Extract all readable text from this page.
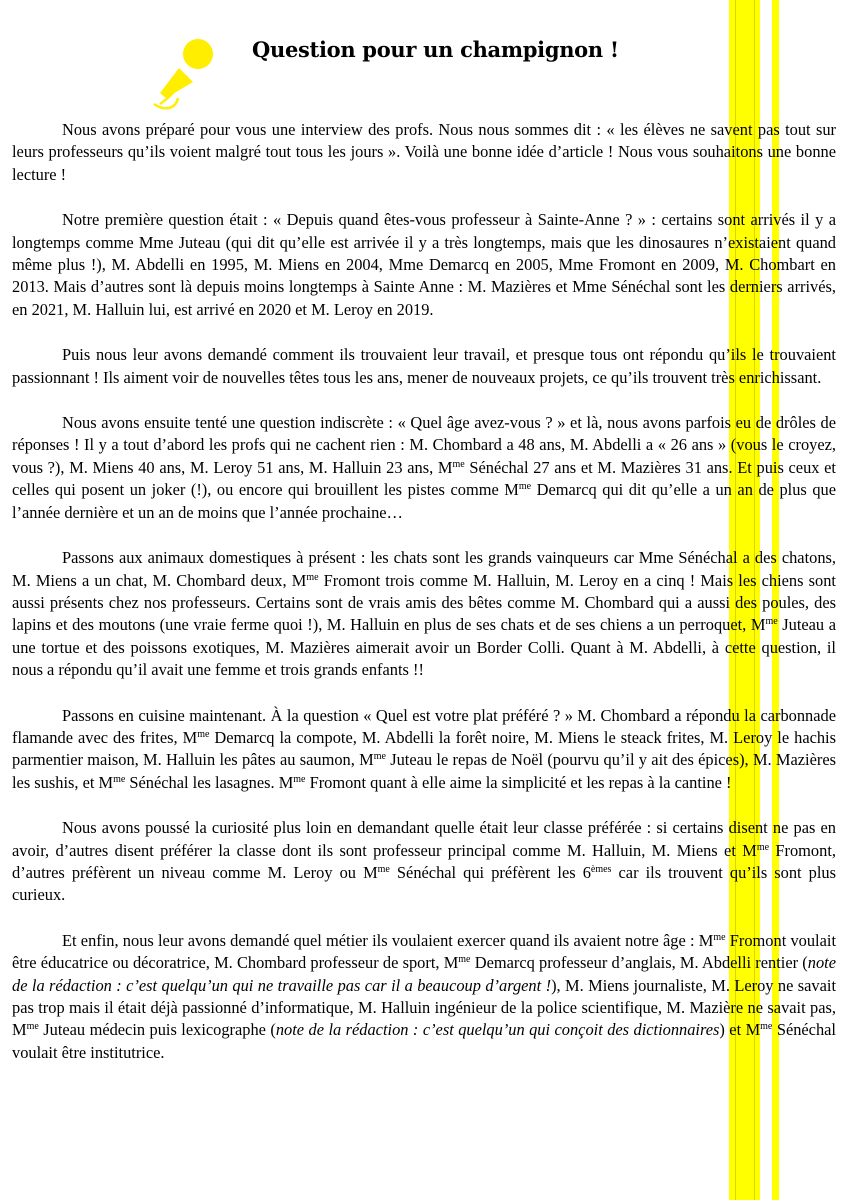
Question pour un champignon !

Nous avons préparé pour vous une interview des profs. Nous nous sommes dit : « les élèves ne savent pas tout sur leurs professeurs qu’ils voient malgré tout tous les jours ». Voilà une bonne idée d’article ! Nous vous souhaitons une bonne lecture !

Notre première question était : « Depuis quand êtes-vous professeur à Sainte-Anne ? » : certains sont arrivés il y a longtemps comme Mme Juteau (qui dit qu’elle est arrivée il y a très longtemps, mais que les dinosaures n’existaient quand même plus !), M. Abdelli en 1995, M. Miens en 2004, Mme Demarcq en 2005, Mme Fromont en 2009, M. Chombart en 2013. Mais d’autres sont là depuis moins longtemps à Sainte Anne : M. Mazières et Mme Sénéchal sont les derniers arrivés, en 2021, M. Halluin lui, est arrivé en 2020 et M. Leroy en 2019.

Puis nous leur avons demandé comment ils trouvaient leur travail, et presque tous ont répondu qu’ils le trouvaient passionnant ! Ils aiment voir de nouvelles têtes tous les ans, mener de nouveaux projets, ce qu’ils trouvent très enrichissant.

Nous avons ensuite tenté une question indiscrète : « Quel âge avez-vous ? » et là, nous avons parfois eu de drôles de réponses ! Il y a tout d’abord les profs qui ne cachent rien : M. Chombard a 48 ans, M. Abdelli a « 26 ans » (vous le croyez, vous ?), M. Miens 40 ans, M. Leroy 51 ans, M. Halluin 23 ans, $M^{me}$ Sénéchal 27 ans et M. Mazières 31 ans. Et puis ceux et celles qui posent un joker (!), ou encore qui brouillent les pistes comme $M^{me}$ Demarcq qui dit qu’elle a un an de plus que l’année dernière et un an de moins que l’année prochaine…

Passons aux animaux domestiques à présent : les chats sont les grands vainqueurs car Mme Sénéchal a des chatons, M. Miens a un chat, M. Chombard deux, $M^{me}$ Fromont trois comme M. Halluin, M. Leroy en a cinq ! Mais les chiens sont aussi présents chez nos professeurs. Certains sont de vrais amis des bêtes comme M. Chombard qui a aussi des poules, des lapins et des moutons (une vraie ferme quoi !), M. Halluin en plus de ses chats et de ses chiens a un perroquet, $M^{me}$ Juteau a une tortue et des poissons exotiques, M. Mazières aimerait avoir un Border Colli. Quant à M. Abdelli, à cette question, il nous a répondu qu’il avait une femme et trois grands enfants !!

Passons en cuisine maintenant. À la question « Quel est votre plat préféré ? » M. Chombard a répondu la carbonnade flamande avec des frites, $M^{me}$ Demarcq la compote, M. Abdelli la forêt noire, M. Miens le steack frites, M. Leroy le hachis parmentier maison, M. Halluin les pâtes au saumon, $M^{me}$ Juteau le repas de Noël (pourvu qu’il y ait des épices), M. Mazières les sushis, et $M^{me}$ Sénéchal les lasagnes. $M^{me}$ Fromont quant à elle aime la simplicité et les repas à la cantine !

Nous avons poussé la curiosité plus loin en demandant quelle était leur classe préférée : si certains disent ne pas en avoir, d’autres disent préférer la classe dont ils sont professeur principal comme M. Halluin, M. Miens et $M^{me}$ Fromont, d’autres préfèrent un niveau comme M. Leroy ou $M^{me}$ Sénéchal qui préfèrent les 6èmes car ils trouvent qu’ils sont plus curieux.

Et enfin, nous leur avons demandé quel métier ils voulaient exercer quand ils avaient notre âge : $M^{me}$ Fromont voulait être éducatrice ou décoratrice, M. Chombard professeur de sport, $M^{me}$ Demarcq professeur d’anglais, M. Abdelli rentier (note de la rédaction : c’est quelqu’un qui ne travaille pas car il a beaucoup d’argent !), M. Miens journaliste, M. Leroy ne savait pas trop mais il était déjà passionné d’informatique, M. Halluin ingénieur de la police scientifique, M. Mazière ne savait pas, $M^{me}$ Juteau médecin puis lexicographe (note de la rédaction : c’est quelqu’un qui conçoit des dictionnaires) et $M^{me}$ Sénéchal voulait être institutrice.
